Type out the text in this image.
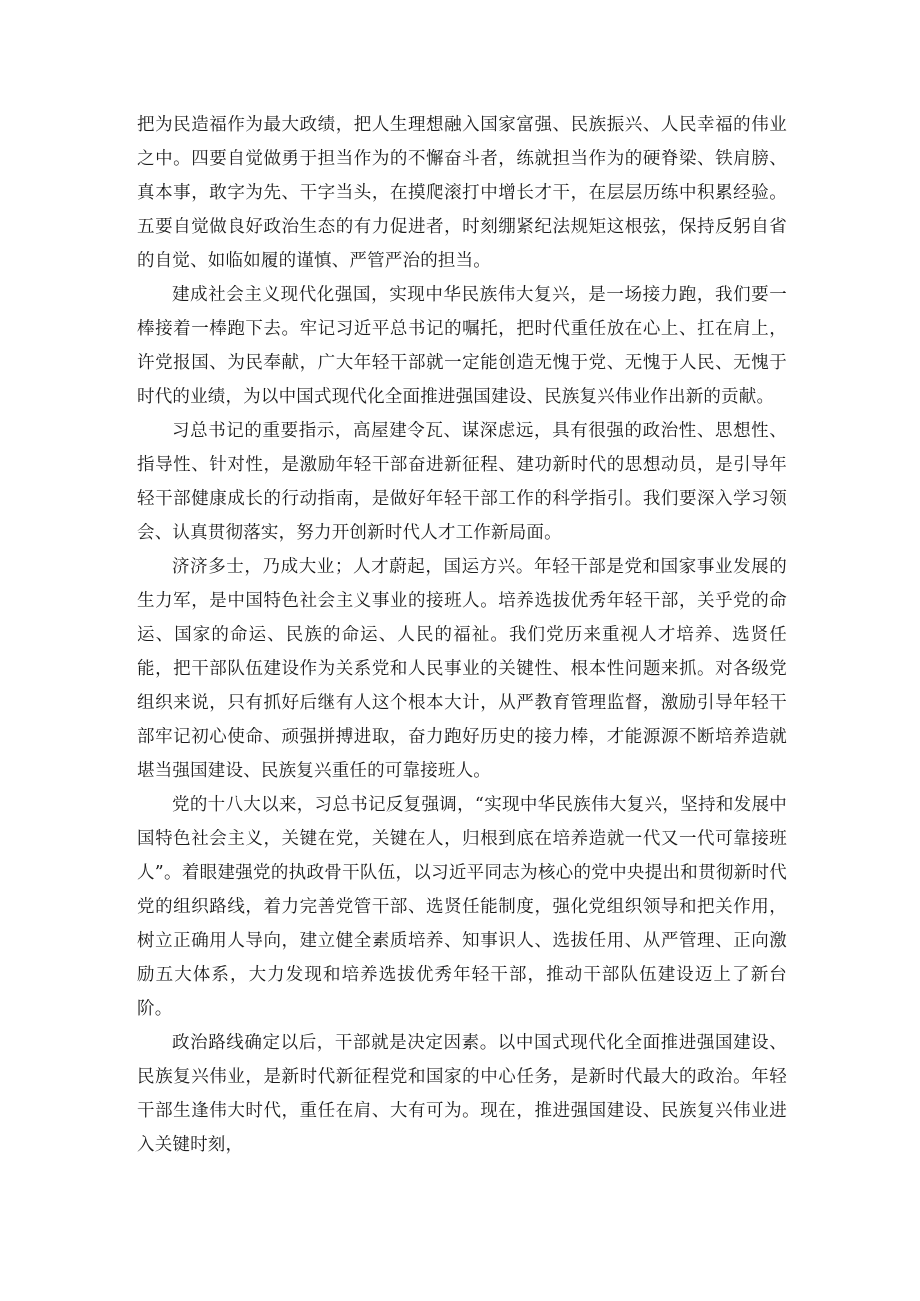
把为民造福作为最大政绩，把人生理想融入国家富强、民族振兴、人民幸福的伟业之中。四要自觉做勇于担当作为的不懈奋斗者，练就担当作为的硬脊梁、铁肩膀、真本事，敢字为先、干字当头，在摸爬滚打中增长才干，在层层历练中积累经验。五要自觉做良好政治生态的有力促进者，时刻绷紧纪法规矩这根弦，保持反躬自省的自觉、如临如履的谨慎、严管严治的担当。

建成社会主义现代化强国，实现中华民族伟大复兴，是一场接力跑，我们要一棒接着一棒跑下去。牢记习近平总书记的嘱托，把时代重任放在心上、扛在肩上，许党报国、为民奉献，广大年轻干部就一定能创造无愧于党、无愧于人民、无愧于时代的业绩，为以中国式现代化全面推进强国建设、民族复兴伟业作出新的贡献。

习总书记的重要指示，高屋建令瓦、谋深虑远，具有很强的政治性、思想性、指导性、针对性，是激励年轻干部奋进新征程、建功新时代的思想动员，是引导年轻干部健康成长的行动指南，是做好年轻干部工作的科学指引。我们要深入学习领会、认真贯彻落实，努力开创新时代人才工作新局面。

济济多士，乃成大业；人才蔚起，国运方兴。年轻干部是党和国家事业发展的生力军，是中国特色社会主义事业的接班人。培养选拔优秀年轻干部，关乎党的命运、国家的命运、民族的命运、人民的福祉。我们党历来重视人才培养、选贤任能，把干部队伍建设作为关系党和人民事业的关键性、根本性问题来抓。对各级党组织来说，只有抓好后继有人这个根本大计，从严教育管理监督，激励引导年轻干部牢记初心使命、顽强拼搏进取，奋力跑好历史的接力棒，才能源源不断培养造就堪当强国建设、民族复兴重任的可靠接班人。

党的十八大以来，习总书记反复强调，“实现中华民族伟大复兴，坚持和发展中国特色社会主义，关键在党，关键在人，归根到底在培养造就一代又一代可靠接班人”。着眼建强党的执政骨干队伍，以习近平同志为核心的党中央提出和贯彻新时代党的组织路线，着力完善党管干部、选贤任能制度，强化党组织领导和把关作用，树立正确用人导向，建立健全素质培养、知事识人、选拔任用、从严管理、正向激励五大体系，大力发现和培养选拔优秀年轻干部，推动干部队伍建设迈上了新台阶。

政治路线确定以后，干部就是决定因素。以中国式现代化全面推进强国建设、民族复兴伟业，是新时代新征程党和国家的中心任务，是新时代最大的政治。年轻干部生逢伟大时代，重任在肩、大有可为。现在，推进强国建设、民族复兴伟业进入关键时刻，
